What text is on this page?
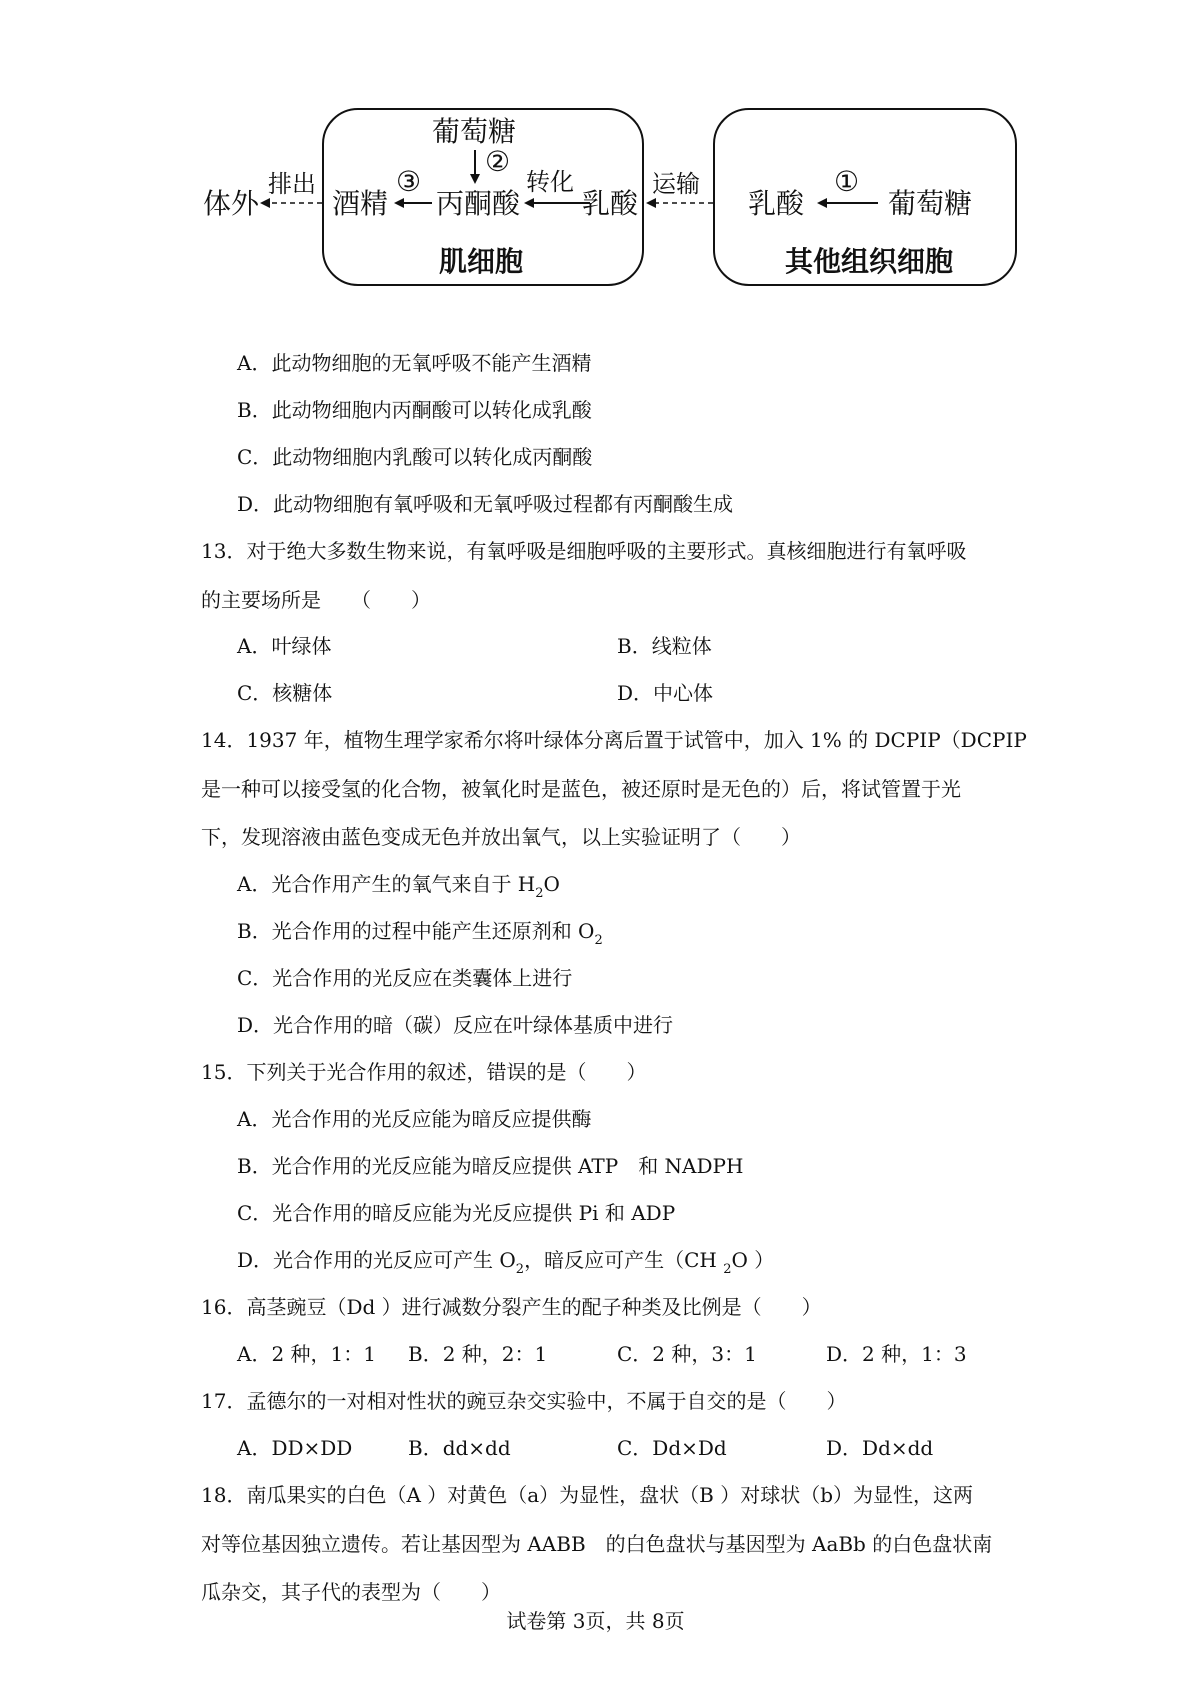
葡萄糖
②
体外
排出
酒精
③
丙酮酸
转化
乳酸
运输
乳酸
①
葡萄糖
肌细胞	其他组织细胞
A．此动物细胞的无氧呼吸不能产生酒精
B．此动物细胞内丙酮酸可以转化成乳酸
C．此动物细胞内乳酸可以转化成丙酮酸
D．此动物细胞有氧呼吸和无氧呼吸过程都有丙酮酸生成
13．对于绝大多数生物来说，有氧呼吸是细胞呼吸的主要形式。真核细胞进行有氧呼吸
的主要场所是　　（　　）
A．叶绿体	B．线粒体
C．核糖体	D．中心体
14．1937 年，植物生理学家希尔将叶绿体分离后置于试管中，加入 1% 的 DCPIP（DCPIP
是一种可以接受氢的化合物，被氧化时是蓝色，被还原时是无色的）后，将试管置于光
下，发现溶液由蓝色变成无色并放出氧气，以上实验证明了（　　）
A．光合作用产生的氧气来自于 $H_2O$
B．光合作用的过程中能产生还原剂和 $O_2$
C．光合作用的光反应在类囊体上进行
D．光合作用的暗（碳）反应在叶绿体基质中进行
15．下列关于光合作用的叙述，错误的是（　　）
A．光合作用的光反应能为暗反应提供酶
B．光合作用的光反应能为暗反应提供 ATP　和 NADPH
C．光合作用的暗反应能为光反应提供 Pi 和 ADP
D．光合作用的光反应可产生 $O_2$，暗反应可产生（CH $_2$O ）
16．高茎豌豆（Dd ）进行减数分裂产生的配子种类及比例是（　　）
A．2 种，1：1 B．2 种，2：1	C．2 种，3：1	D．2 种，1：3
17．孟德尔的一对相对性状的豌豆杂交实验中，不属于自交的是（　　）
A．DD×DD	B．dd×dd	C．Dd×Dd	D．Dd×dd
18．南瓜果实的白色（A ）对黄色（a）为显性，盘状（B ）对球状（b）为显性，这两
对等位基因独立遗传。若让基因型为 AABB　的白色盘状与基因型为 AaBb 的白色盘状南
瓜杂交，其子代的表型为（　　）
试卷第 3页，共 8页
